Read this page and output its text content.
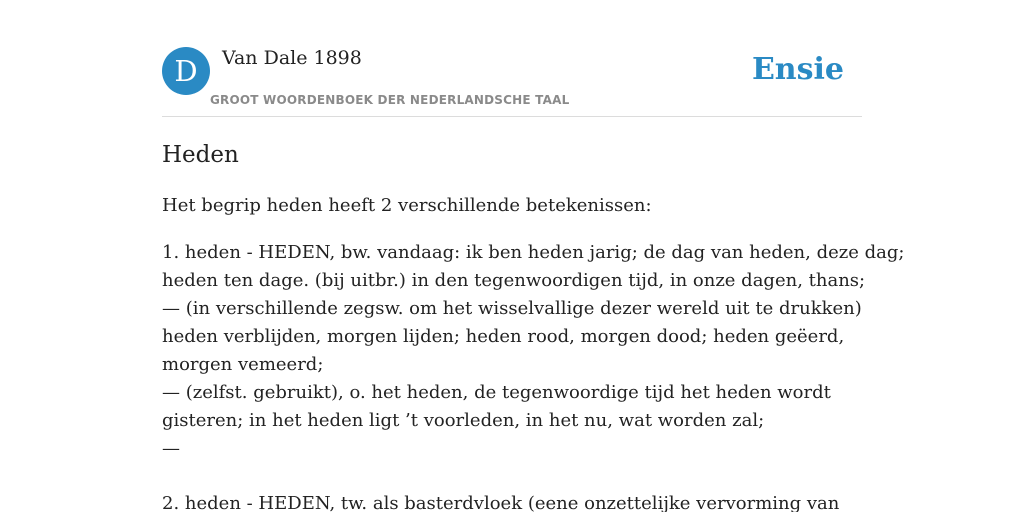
D	Van Dale 1898
GROOT WOORDENBOEK DER NEDERLANDSCHE TAAL
Ensie
Heden

Het begrip heden heeft 2 verschillende betekenissen:

1. heden - HEDEN, bw. vandaag: ik ben heden jarig; de dag van heden, deze dag;
heden ten dage. (bij uitbr.) in den tegenwoordigen tijd, in onze dagen, thans;
— (in verschillende zegsw. om het wisselvallige dezer wereld uit te drukken)
heden verblijden, morgen lijden; heden rood, morgen dood; heden geëerd,
morgen vemeerd;
— (zelfst. gebruikt), o. het heden, de tegenwoordige tijd het heden wordt
gisteren; in het heden ligt ’t voorleden, in het nu, wat worden zal;
—
2. heden - HEDEN, tw. als basterdvloek (eene onzettelijke vervorming van
